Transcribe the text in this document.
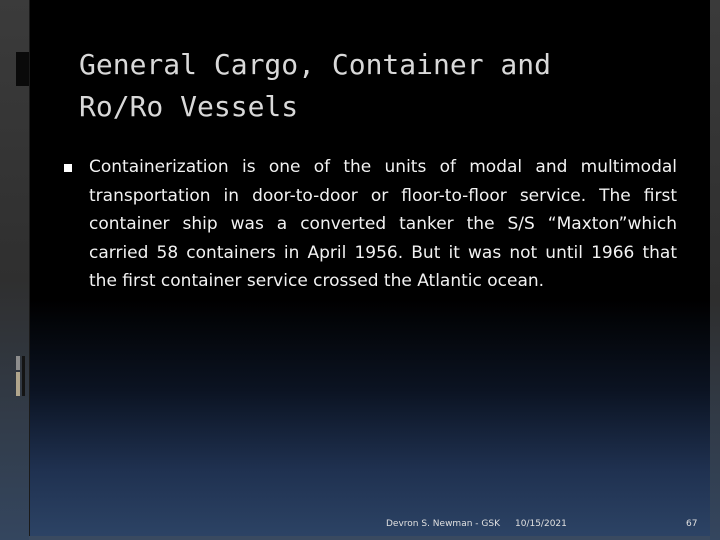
General Cargo, Container and
Ro/Ro Vessels

Containerization is one of the units of modal and multimodal transportation in door-to-door or floor-to-floor service. The first container ship was a converted tanker the S/S “Maxton”which carried 58 containers in April 1956. But it was not until 1966 that the first container service crossed the Atlantic ocean.

Devron S. Newman - GSK 10/15/2021	67
